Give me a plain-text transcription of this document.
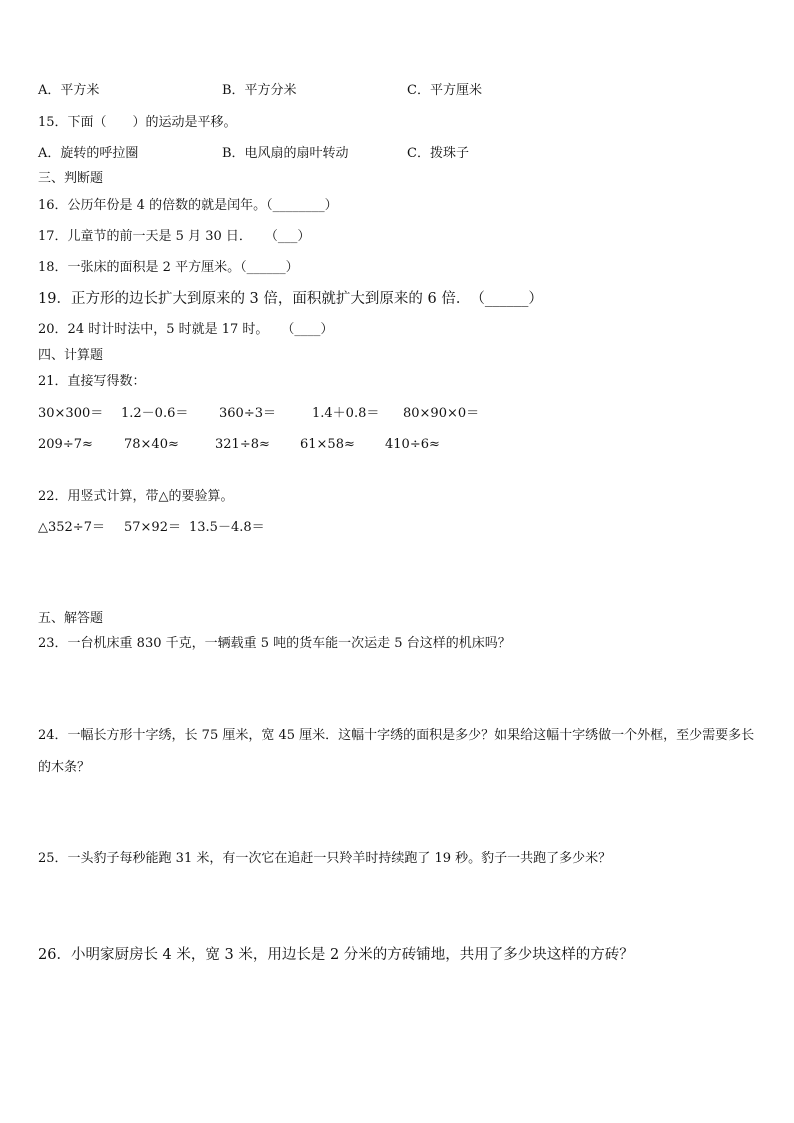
A．平方米	B．平方分米	C．平方厘米
15．下面（　　）的运动是平移。
A．旋转的呼拉圈	B．电风扇的扇叶转动	C．拨珠子
三、判断题
16．公历年份是 4 的倍数的就是闰年。（________）
17．儿童节的前一天是 5 月 30 日．　　（___）
18．一张床的面积是 2 平方厘米。（______）
19．正方形的边长扩大到原来的 3 倍，面积就扩大到原来的 6 倍．　（______）
20．24 时计时法中，5 时就是 17 时。　　（____）
四、计算题
21．直接写得数：
30×300＝ 1.2－0.6＝ 360÷3＝	1.4＋0.8＝ 80×90×0＝
209÷7≈ 78×40≈	321÷8≈ 61×58≈ 410÷6≈
22．用竖式计算，带△的要验算。
△352÷7＝ 57×92＝ 13.5－4.8＝
五、解答题
23．一台机床重 830 千克，一辆载重 5 吨的货车能一次运走 5 台这样的机床吗？
24．一幅长方形十字绣，长 75 厘米，宽 45 厘米．这幅十字绣的面积是多少？如果给这幅十字绣做一个外框，至少需要多长的木条？
25．一头豹子每秒能跑 31 米，有一次它在追赶一只羚羊时持续跑了 19 秒。豹子一共跑了多少米？
26．小明家厨房长 4 米，宽 3 米，用边长是 2 分米的方砖铺地，共用了多少块这样的方砖？
